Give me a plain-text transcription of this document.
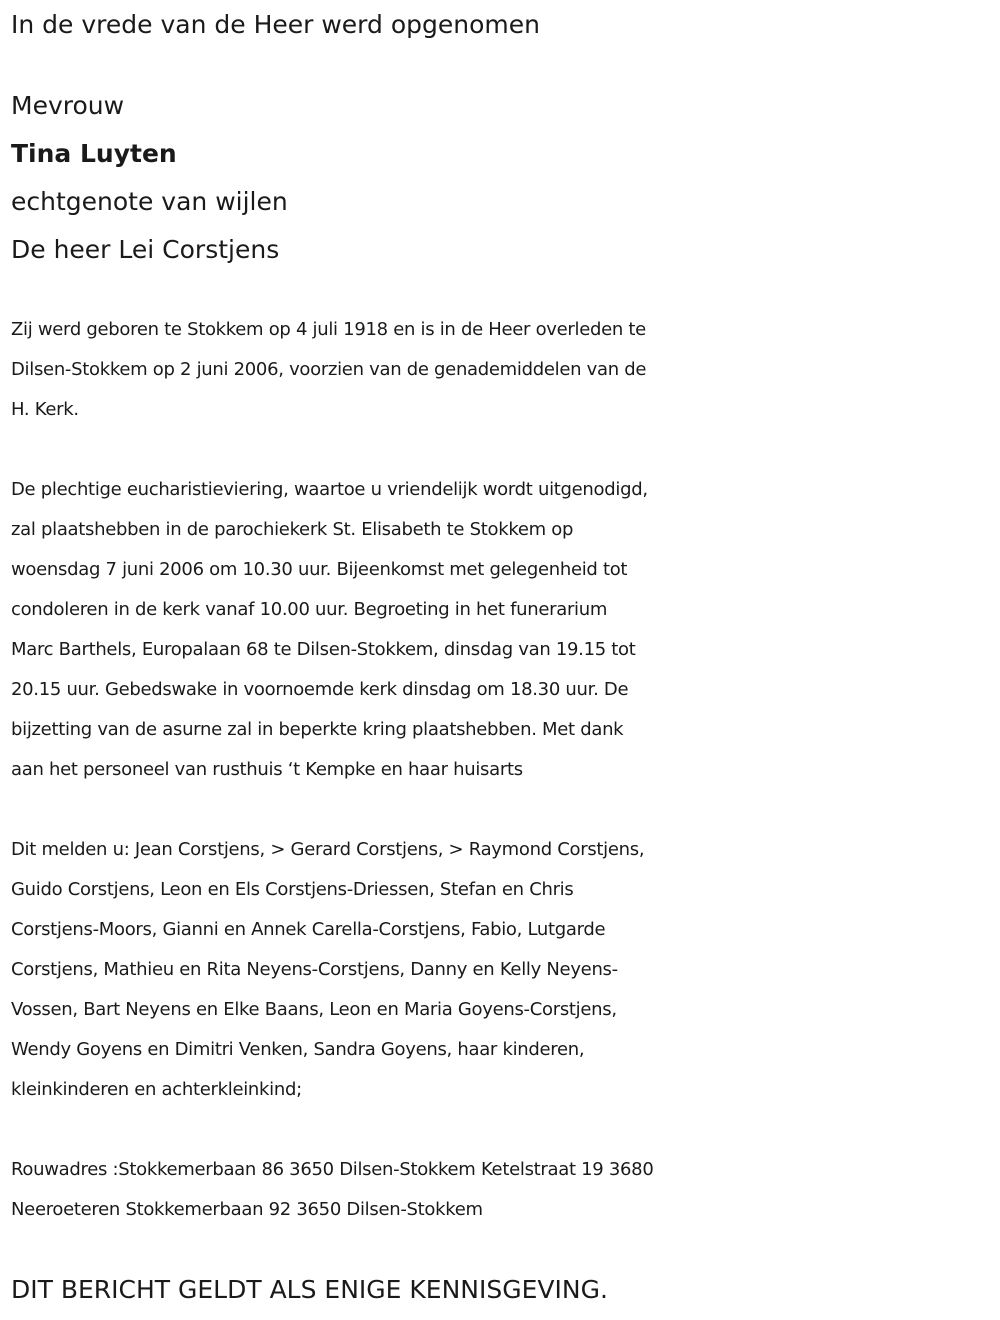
In de vrede van de Heer werd opgenomen
Mevrouw
Tina Luyten
echtgenote van wijlen
De heer Lei Corstjens
Zij werd geboren te Stokkem op 4 juli 1918 en is in de Heer overleden te
Dilsen-Stokkem op 2 juni 2006, voorzien van de genademiddelen van de
H. Kerk.
De plechtige eucharistieviering, waartoe u vriendelijk wordt uitgenodigd,
zal plaatshebben in de parochiekerk St. Elisabeth te Stokkem op
woensdag 7 juni 2006 om 10.30 uur. Bijeenkomst met gelegenheid tot
condoleren in de kerk vanaf 10.00 uur. Begroeting in het funerarium
Marc Barthels, Europalaan 68 te Dilsen-Stokkem, dinsdag van 19.15 tot
20.15 uur. Gebedswake in voornoemde kerk dinsdag om 18.30 uur. De
bijzetting van de asurne zal in beperkte kring plaatshebben. Met dank
aan het personeel van rusthuis ‘t Kempke en haar huisarts
Dit melden u: Jean Corstjens, > Gerard Corstjens, > Raymond Corstjens,
Guido Corstjens, Leon en Els Corstjens-Driessen, Stefan en Chris
Corstjens-Moors, Gianni en Annek Carella-Corstjens, Fabio, Lutgarde
Corstjens, Mathieu en Rita Neyens-Corstjens, Danny en Kelly Neyens-
Vossen, Bart Neyens en Elke Baans, Leon en Maria Goyens-Corstjens,
Wendy Goyens en Dimitri Venken, Sandra Goyens, haar kinderen,
kleinkinderen en achterkleinkind;
Rouwadres :Stokkemerbaan 86 3650 Dilsen-Stokkem Ketelstraat 19 3680
Neeroeteren Stokkemerbaan 92 3650 Dilsen-Stokkem
DIT BERICHT GELDT ALS ENIGE KENNISGEVING.
